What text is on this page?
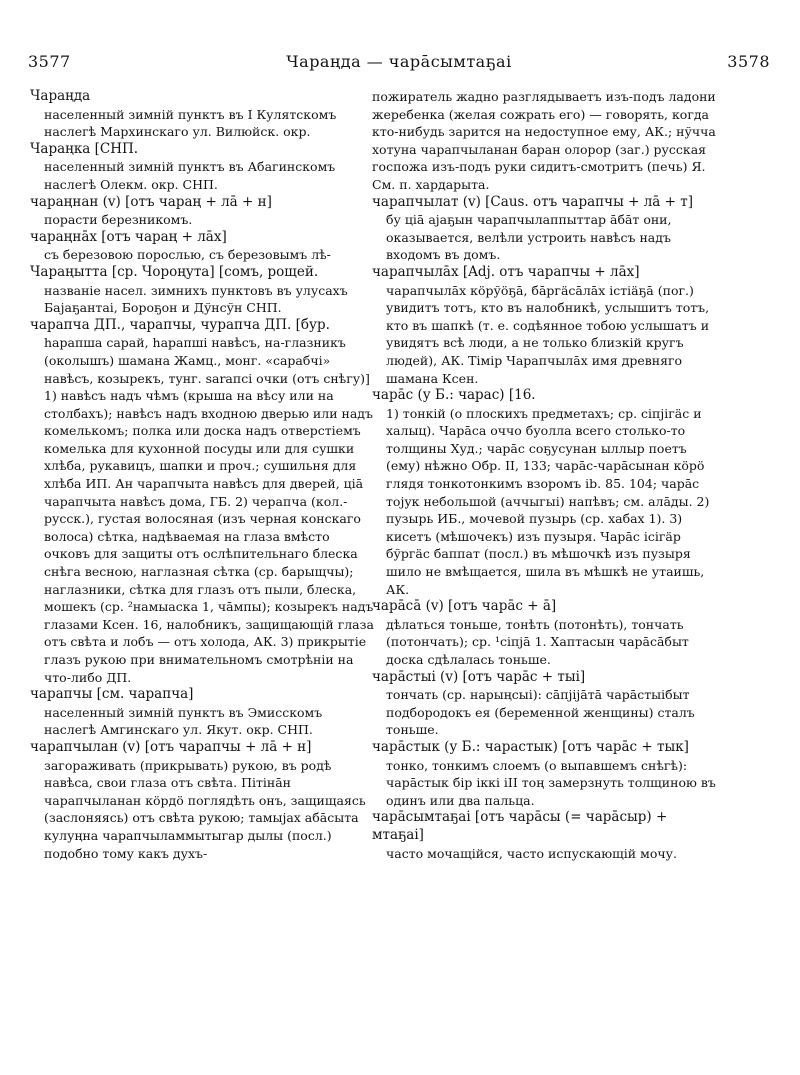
3577	Чараңда — чарāсымтаҕаі	3578
Чараңда
населенный зимній пунктъ въ I Кулятскомъ наслегѣ Мархинскаго ул. Вилюйск. окр.
Чараңка [СНП.
населенный зимній пунктъ въ Абагинскомъ наслегѣ Олекм. окр. СНП.
чараңнан (v) [отъ чараң + лā + н]
порасти березникомъ.
чараңнāх [отъ чараң + лāх]
съ березовою порослью, съ березовымъ лѣ-
Чараңытта [ср. Чороңута] [сомъ, рощей.
названіе насел. зимнихъ пунктовъ въ улусахъ Баjаҕантаі, Бороҕон и Дўнсўн СНП.
чарапча ДП., чарапчы, чурапча ДП. [бур.
hарапша сарай, hарапші навѣсъ, на-глазникъ (околышъ) шамана Жамц., монг. «сарабчі» навѣсъ, козырекъ, тунг. saraпсі очки (отъ снѣгу)] 1) навѣсъ надъ чѣмъ (крыша на вѣсу или на столбахъ); навѣсъ надъ входною дверью или надъ комелькомъ; полка или доска надъ отверстіемъ комелька для кухонной посуды или для сушки хлѣба, рукавицъ, шапки и проч.; сушильня для хлѣба ИП. Ан чарапчыта навѣсъ для дверей, ціā чарапчыта навѣсъ дома, ГБ. 2) черапча (кол.-русск.), густая волосяная (изъ черная конскаго волоса) сѣтка, надѣваемая на глаза вмѣсто очковъ для защиты отъ ослѣпительнаго блеска снѣга весною, наглазная сѣтка (ср. барыщчы); наглазники, сѣтка для глазъ отъ пыли, блеска, мошекъ (ср. ²намыаска 1, чāмпы); козырекъ надъ глазами Ксен. 16, налобникъ, защищающій глаза отъ свѣта и лобъ — отъ холода, АК. 3) прикрытіе глазъ рукою при внимательномъ смотрѣніи на что-либо ДП.
чарапчы [см. чарапча]
населенный зимній пунктъ въ Эмисскомъ наслегѣ Амгинскаго ул. Якут. окр. СНП.
чарапчылан (v) [отъ чарапчы + лā + н]
загораживать (прикрывать) рукою, въ родѣ навѣса, свои глаза отъ свѣта. Пітінāн чарапчыланан кöрдö поглядѣть онъ, защищаясь (заслоняясь) отъ свѣта рукою; тамыjах абāсыта кулуңна чарапчыламмытыгар дылы (посл.) подобно тому какъ духъ-
пожиратель жадно разглядываетъ изъ-подъ ладони жеребенка (желая сожрать его) — говорять, когда кто-нибудь зарится на недоступное ему, АК.; нўчча хотуна чарапчыланан баран олорор (заг.) русская госпожа изъ-подъ руки сидитъ-смотритъ (печь) Я. См. п. хардарыта.
чарапчылат (v) [Caus. отъ чарапчы + лā + т]
бу ціā аjаҕын чарапчылаппыттар āбāт они, оказывается, велѣли устроить навѣсъ надъ входомъ въ домъ.
чарапчылāх [Adj. отъ чарапчы + лāх]
чарапчылāх кöрўöҕā, бāргäсāлāх істіäҕā (пог.) увидитъ тотъ, кто въ налобникѣ, услышитъ тотъ, кто въ шапкѣ (т. е. содѣянное тобою услышатъ и увидятъ всѣ люди, а не только близкій кругъ людей), АК. Тімір Чарапчылāх имя древняго шамана Ксен.
чарāс (у Б.: чарас) [16.
1) тонкій (о плоскихъ предметахъ; ср. сіпjігäс и халыц). Чарāса оччо буолла всего столько-то толщины Худ.; чарāс соҕусунан ыллыр поетъ (ему) нѣжно Обр. II, 133; чарāс-чарāсынан кöрö глядя тонкотонкимъ взоромъ ib. 85. 104; чарāс тоjук небольшой (аччыгыі) напѣвъ; см. алāды. 2) пузырь ИБ., мочевой пузырь (ср. хабах 1). 3) кисетъ (мѣшочекъ) изъ пузыря. Чарāс ісігäр бўргäс баппат (посл.) въ мѣшочкѣ изъ пузыря шило не вмѣщается, шила въ мѣшкѣ не утаишь, АК.
чарāсā (v) [отъ чарāс + ā]
дѣлаться тоньше, тонѣть (потонѣть), тончать (потончать); ср. ¹сіпjā 1. Хаптасын чарāсāбыт доска сдѣлалась тоньше.
чарāстыі (v) [отъ чарāс + тыі]
тончать (ср. нарыңсыі): сāпjіjāтā чарāстыібыт подбородокъ ея (беременной женщины) сталъ тоньше.
чарāстык (у Б.: чарастык) [отъ чарāс + тык]
тонко, тонкимъ слоемъ (о выпавшемъ снѣгѣ): чарāстык бір іккі іІІ тоң замерзнуть толщиною въ одинъ или два пальца.
чарāсымтаҕаі [отъ чарāсы (= чарāсыр) + мтаҕаі]
часто мочащійся, часто испускающій мочу.
